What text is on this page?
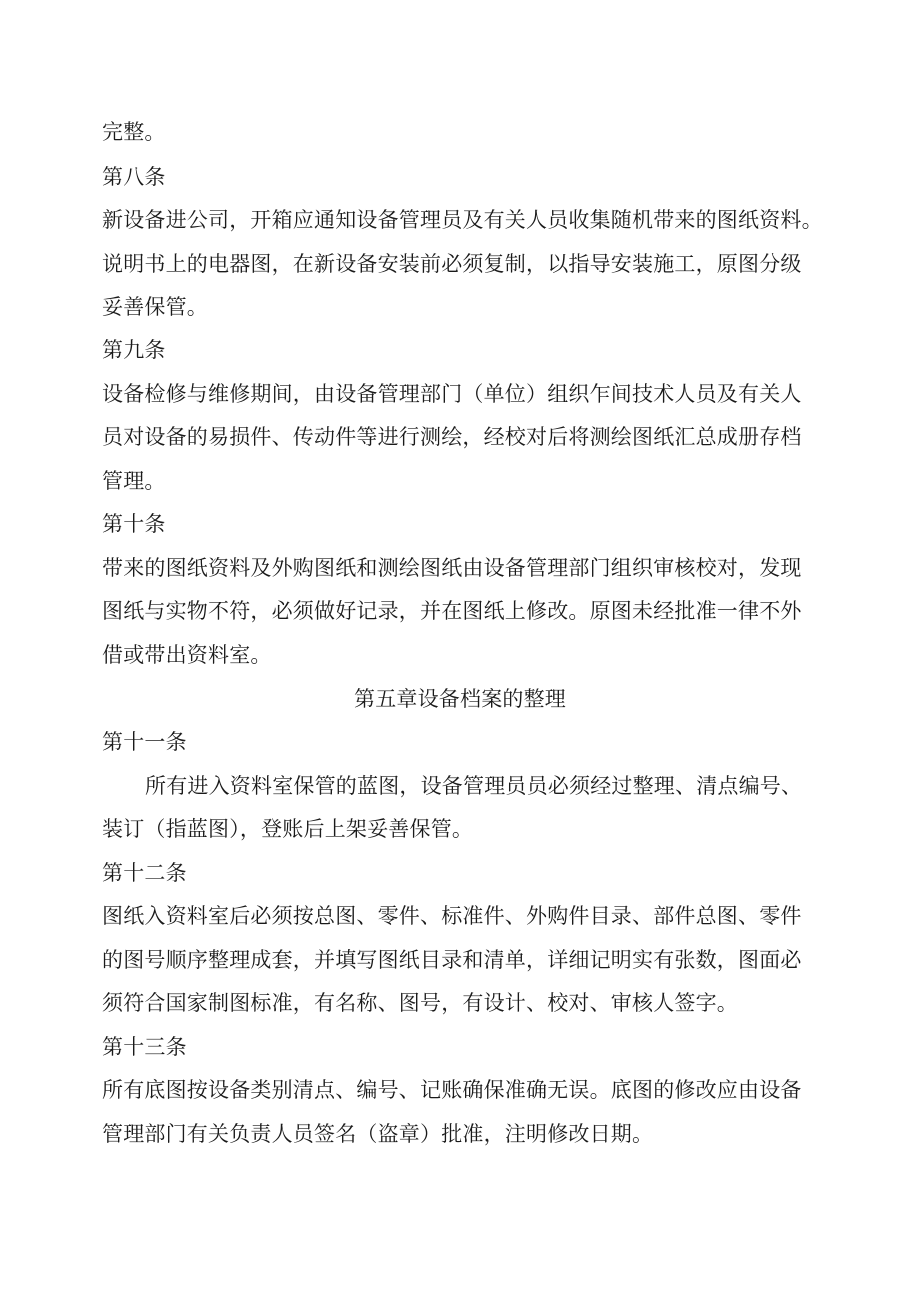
完整。
第八条
新设备进公司，开箱应通知设备管理员及有关人员收集随机带来的图纸资料。
说明书上的电器图，在新设备安装前必须复制，以指导安装施工，原图分级
妥善保管。
第九条
设备检修与维修期间，由设备管理部门（单位）组织乍间技术人员及有关人
员对设备的易损件、传动件等进行测绘，经校对后将测绘图纸汇总成册存档
管理。
第十条
带来的图纸资料及外购图纸和测绘图纸由设备管理部门组织审核校对，发现
图纸与实物不符，必须做好记录，并在图纸上修改。原图未经批准一律不外
借或带出资料室。
第五章设备档案的整理
第十一条
所有进入资料室保管的蓝图，设备管理员员必须经过整理、清点编号、
装订（指蓝图），登账后上架妥善保管。
第十二条
图纸入资料室后必须按总图、零件、标准件、外购件目录、部件总图、零件
的图号顺序整理成套，并填写图纸目录和清单，详细记明实有张数，图面必
须符合国家制图标准，有名称、图号，有设计、校对、审核人签字。
第十三条
所有底图按设备类别清点、编号、记账确保准确无误。底图的修改应由设备
管理部门有关负责人员签名（盗章）批准，注明修改日期。
